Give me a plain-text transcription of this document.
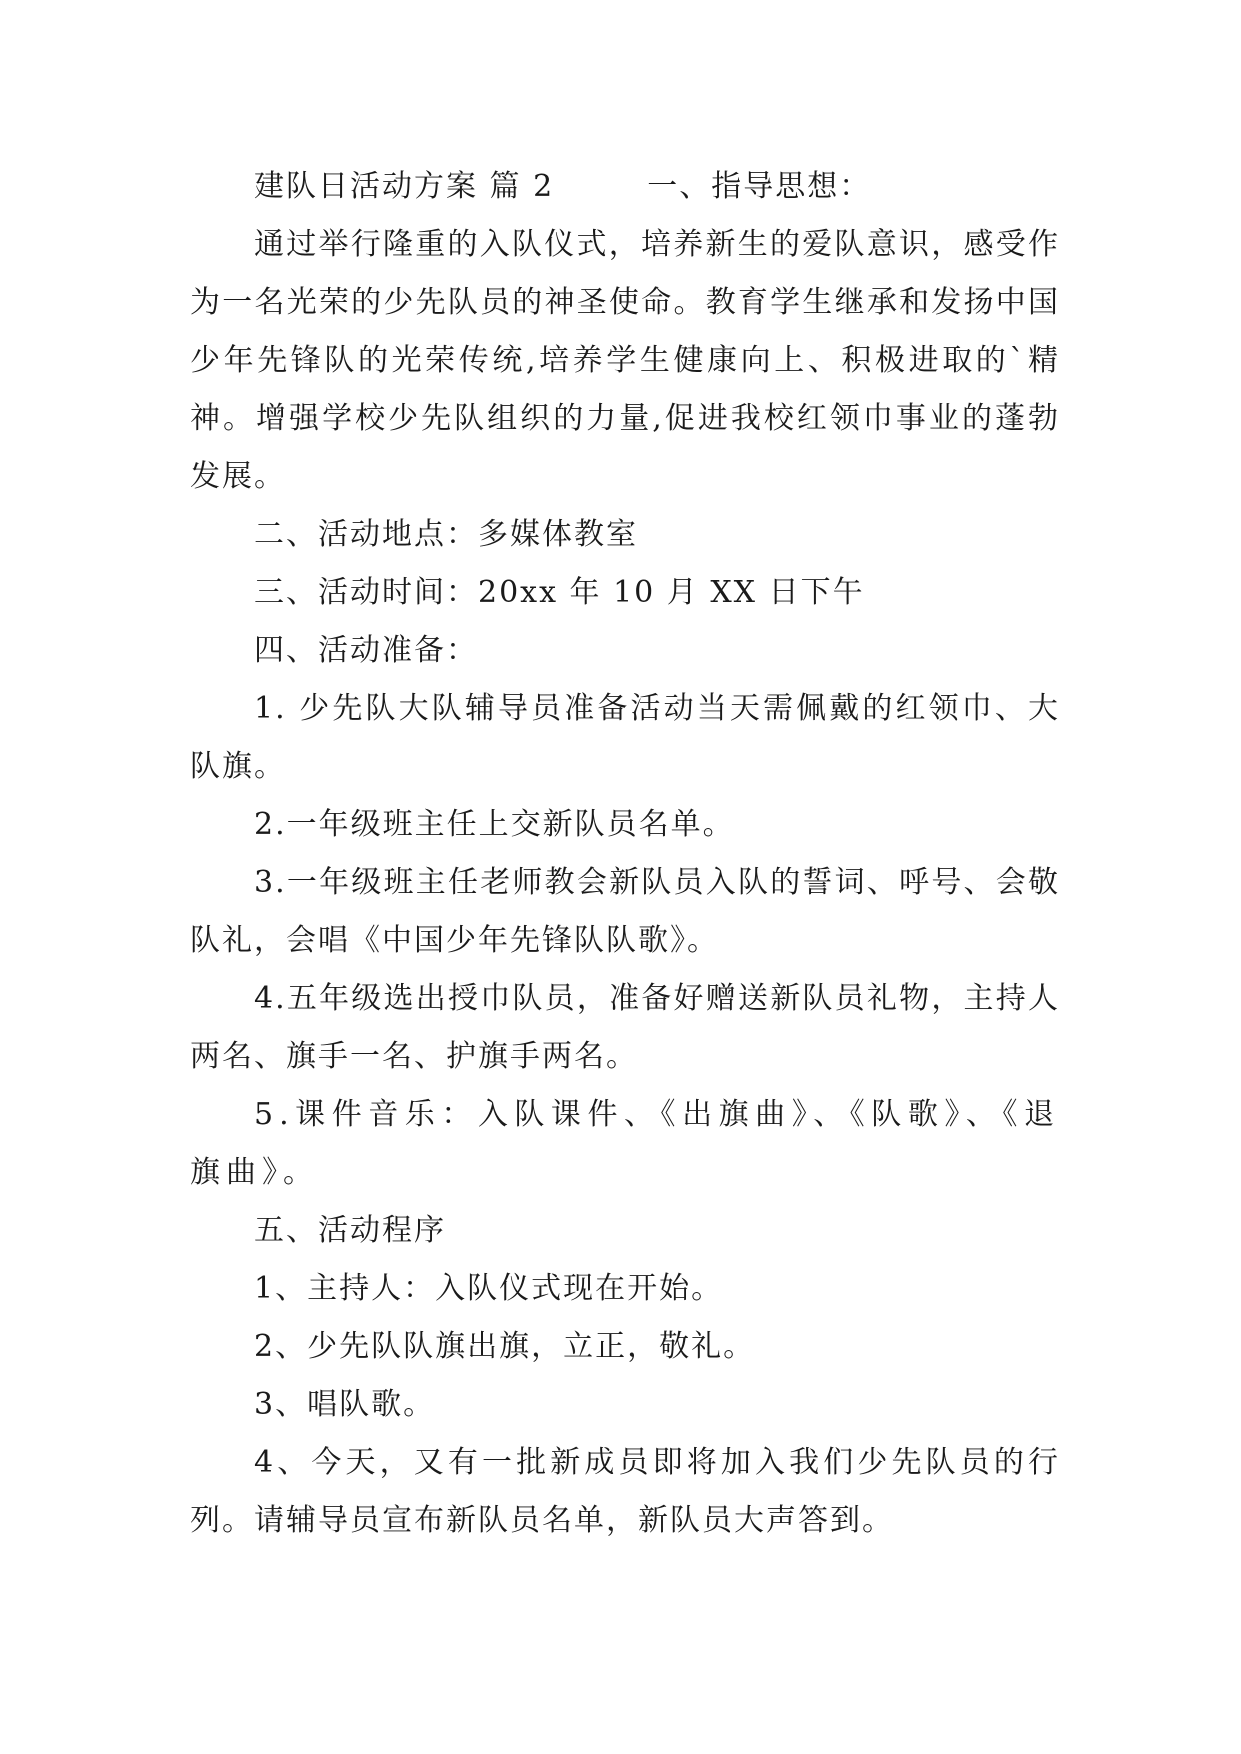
建队日活动方案 篇 2	一、指导思想：

通过举行隆重的入队仪式，培养新生的爱队意识，感受作为一名光荣的少先队员的神圣使命。教育学生继承和发扬中国少年先锋队的光荣传统,培养学生健康向上、积极进取的`精神。增强学校少先队组织的力量,促进我校红领巾事业的蓬勃发展。

二、活动地点：多媒体教室

三、活动时间：20xx 年 10 月 XX 日下午

四、活动准备：

1. 少先队大队辅导员准备活动当天需佩戴的红领巾、大队旗。

2.一年级班主任上交新队员名单。

3.一年级班主任老师教会新队员入队的誓词、呼号、会敬队礼，会唱《中国少年先锋队队歌》。

4.五年级选出授巾队员，准备好赠送新队员礼物，主持人两名、旗手一名、护旗手两名。

5.课件音乐：入队课件、《出旗曲》、《队歌》、《退旗曲》。

五、活动程序

1、主持人：入队仪式现在开始。

2、少先队队旗出旗，立正，敬礼。

3、唱队歌。

4、今天，又有一批新成员即将加入我们少先队员的行列。请辅导员宣布新队员名单，新队员大声答到。
